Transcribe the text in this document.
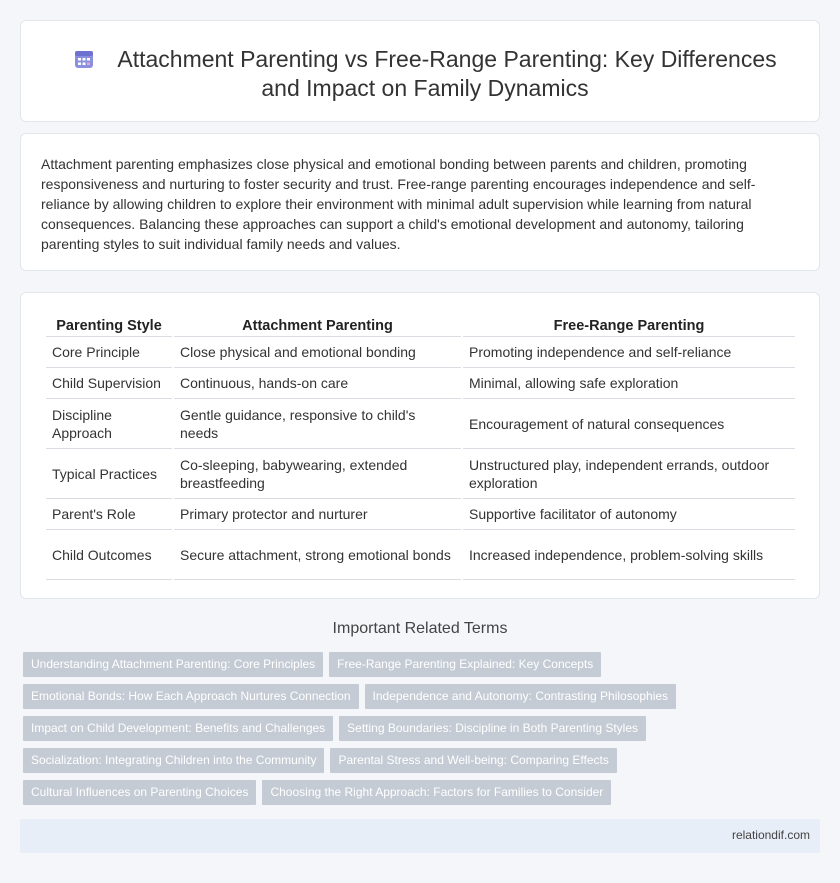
Attachment Parenting vs Free-Range Parenting: Key Differences and Impact on Family Dynamics

Attachment parenting emphasizes close physical and emotional bonding between parents and children, promoting responsiveness and nurturing to foster security and trust. Free-range parenting encourages independence and self-reliance by allowing children to explore their environment with minimal adult supervision while learning from natural consequences. Balancing these approaches can support a child's emotional development and autonomy, tailoring parenting styles to suit individual family needs and values.

Parenting Style	Attachment Parenting	Free-Range Parenting
Core Principle	Close physical and emotional bonding	Promoting independence and self-reliance
Child Supervision	Continuous, hands-on care	Minimal, allowing safe exploration
Discipline Approach	Gentle guidance, responsive to child's needs	Encouragement of natural consequences
Typical Practices	Co-sleeping, babywearing, extended breastfeeding	Unstructured play, independent errands, outdoor exploration
Parent's Role	Primary protector and nurturer	Supportive facilitator of autonomy
Child Outcomes	Secure attachment, strong emotional bonds	Increased independence, problem-solving skills
Important Related Terms
Understanding Attachment Parenting: Core Principles Free-Range Parenting Explained: Key Concepts
Emotional Bonds: How Each Approach Nurtures Connection Independence and Autonomy: Contrasting Philosophies
Impact on Child Development: Benefits and Challenges Setting Boundaries: Discipline in Both Parenting Styles
Socialization: Integrating Children into the Community Parental Stress and Well-being: Comparing Effects
Cultural Influences on Parenting Choices Choosing the Right Approach: Factors for Families to Consider
relationdif.com
